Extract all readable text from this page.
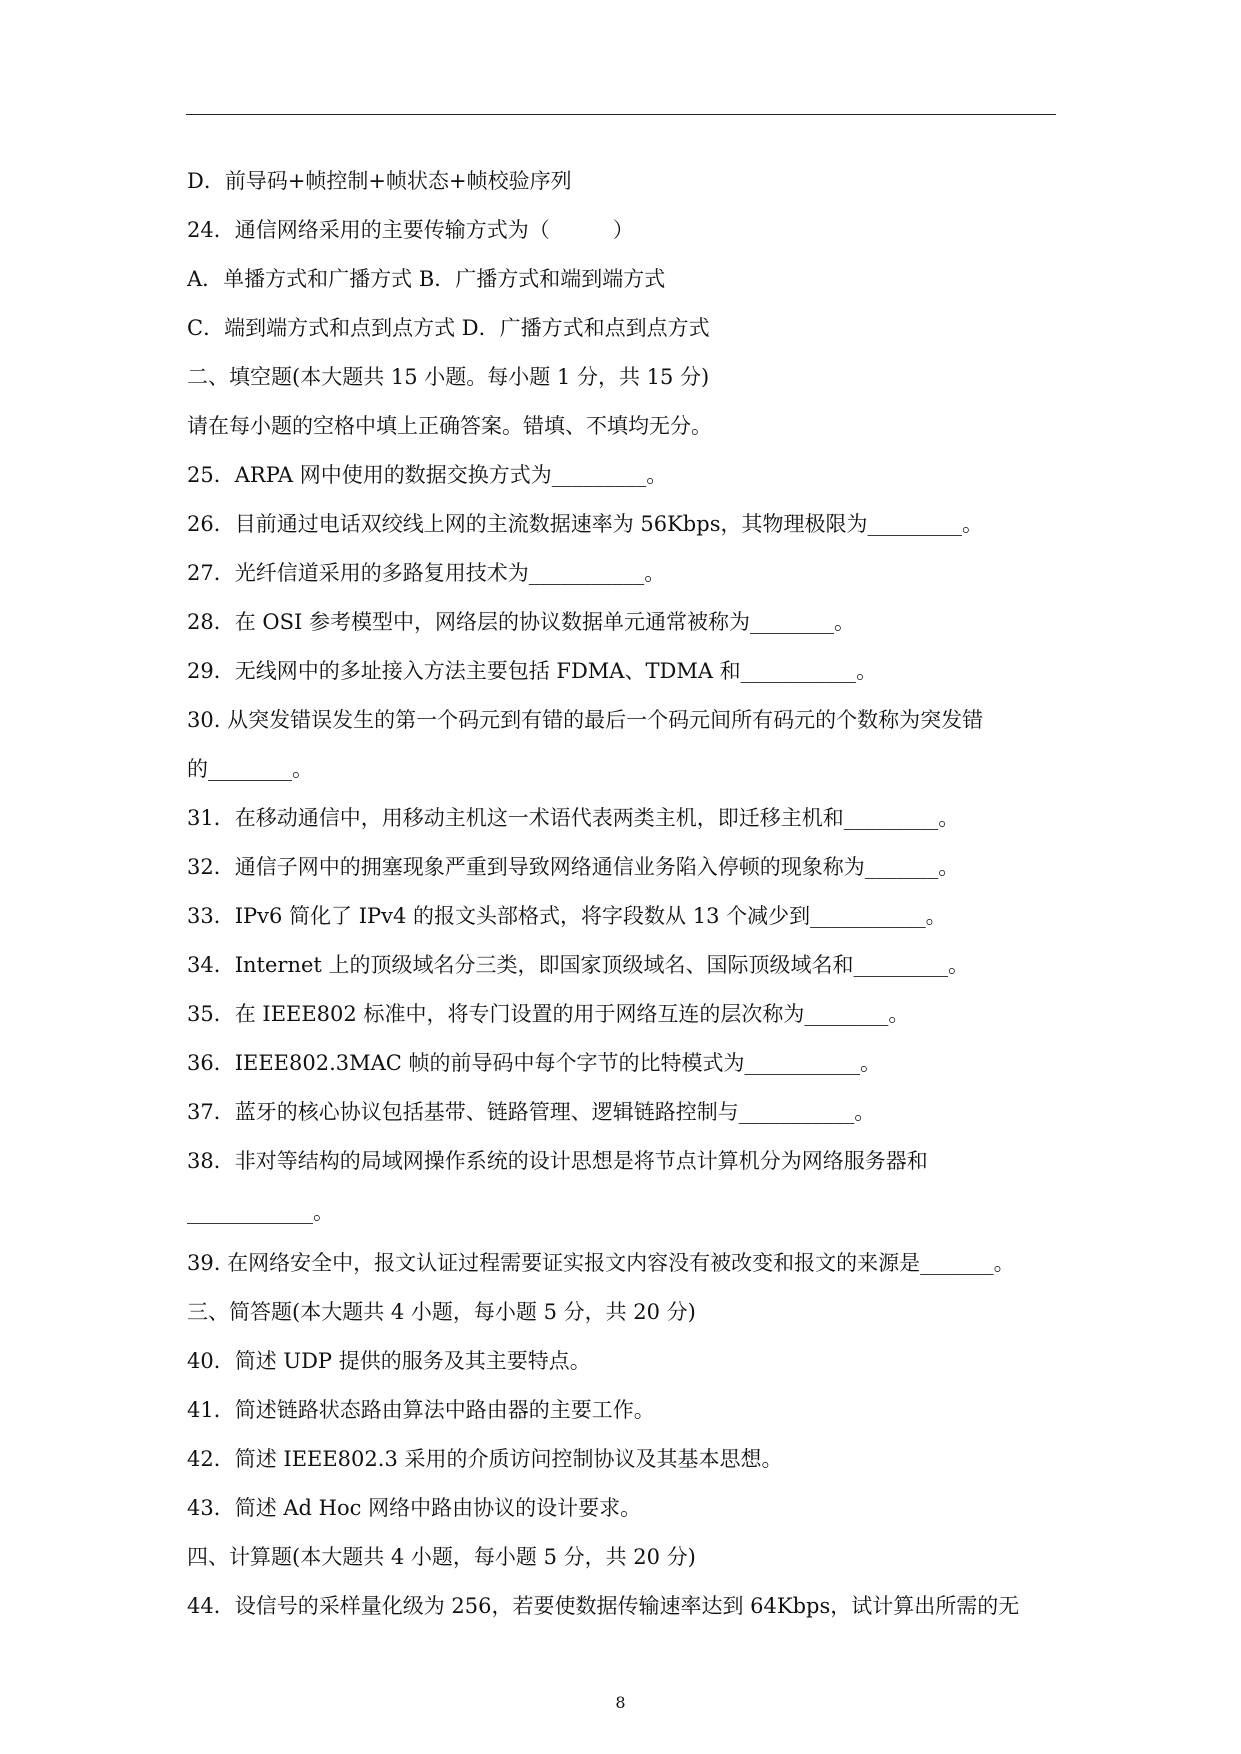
D．前导码+帧控制+帧状态+帧校验序列
24．通信网络采用的主要传输方式为（　　　）
A．单播方式和广播方式 B．广播方式和端到端方式
C．端到端方式和点到点方式 D．广播方式和点到点方式
二、填空题(本大题共 15 小题。每小题 1 分，共 15 分)
请在每小题的空格中填上正确答案。错填、不填均无分。
25．ARPA 网中使用的数据交换方式为_________。
26．目前通过电话双绞线上网的主流数据速率为 56Kbps，其物理极限为_________。
27．光纤信道采用的多路复用技术为___________。
28．在 OSI 参考模型中，网络层的协议数据单元通常被称为________。
29．无线网中的多址接入方法主要包括 FDMA、TDMA 和___________。
30. 从突发错误发生的第一个码元到有错的最后一个码元间所有码元的个数称为突发错
的________。
31．在移动通信中，用移动主机这一术语代表两类主机，即迁移主机和_________。
32．通信子网中的拥塞现象严重到导致网络通信业务陷入停顿的现象称为_______。
33．IPv6 简化了 IPv4 的报文头部格式，将字段数从 13 个减少到___________。
34．Internet 上的顶级域名分三类，即国家顶级域名、国际顶级域名和_________。
35．在 IEEE802 标准中，将专门设置的用于网络互连的层次称为________。
36．IEEE802.3MAC 帧的前导码中每个字节的比特模式为___________。
37．蓝牙的核心协议包括基带、链路管理、逻辑链路控制与___________。
38．非对等结构的局域网操作系统的设计思想是将节点计算机分为网络服务器和
____________。
39. 在网络安全中，报文认证过程需要证实报文内容没有被改变和报文的来源是_______。
三、简答题(本大题共 4 小题，每小题 5 分，共 20 分)
40．简述 UDP 提供的服务及其主要特点。
41．简述链路状态路由算法中路由器的主要工作。
42．简述 IEEE802.3 采用的介质访问控制协议及其基本思想。
43．简述 Ad Hoc 网络中路由协议的设计要求。
四、计算题(本大题共 4 小题，每小题 5 分，共 20 分)
44．设信号的采样量化级为 256，若要使数据传输速率达到 64Kbps，试计算出所需的无
8
